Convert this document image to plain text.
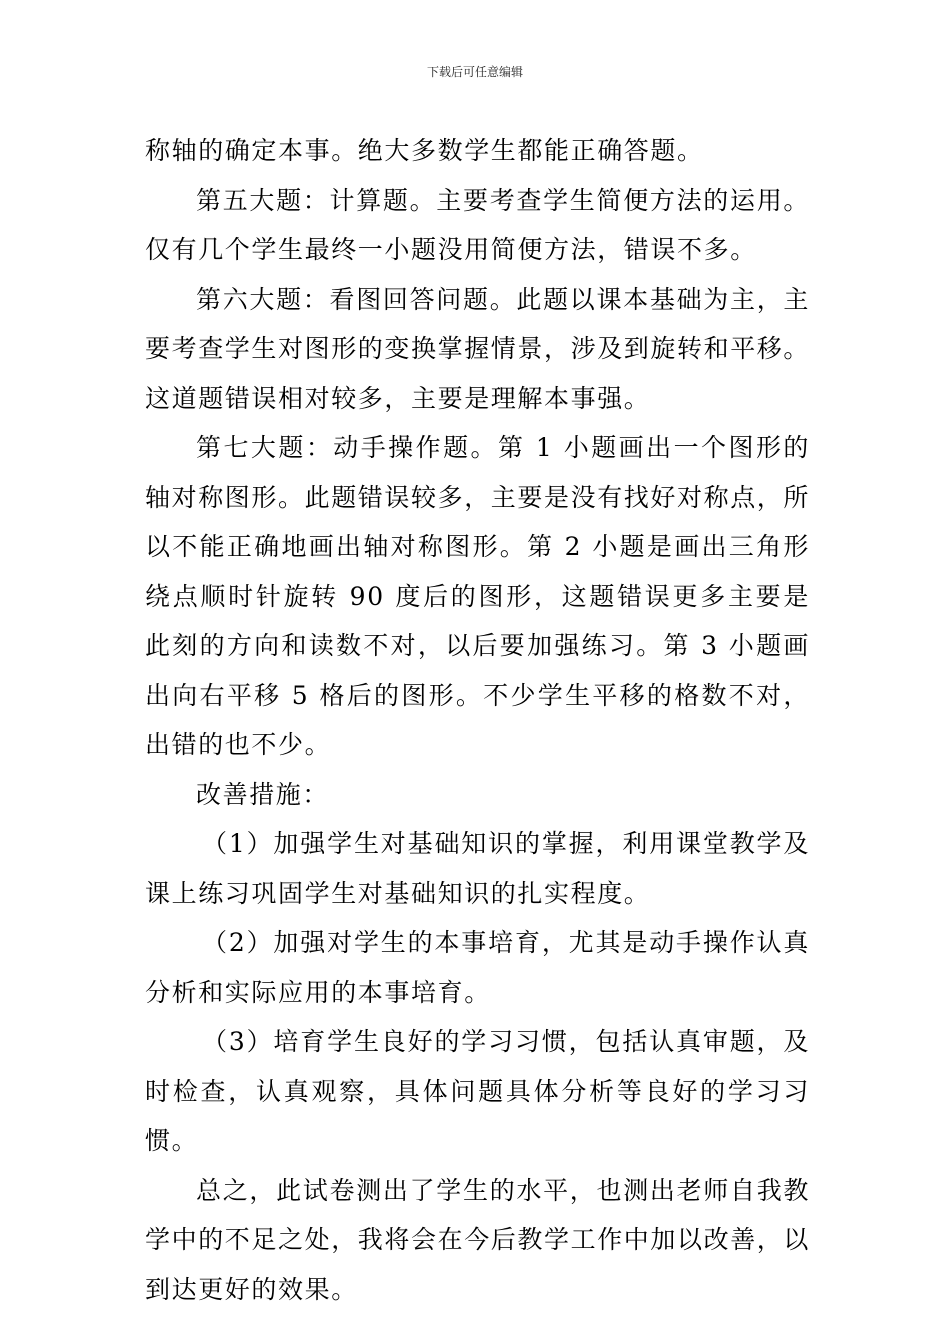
下载后可任意编辑

称轴的确定本事。绝大多数学生都能正确答题。

第五大题：计算题。主要考查学生简便方法的运用。仅有几个学生最终一小题没用简便方法，错误不多。

第六大题：看图回答问题。此题以课本基础为主，主要考查学生对图形的变换掌握情景，涉及到旋转和平移。这道题错误相对较多，主要是理解本事强。

第七大题：动手操作题。第 1 小题画出一个图形的轴对称图形。此题错误较多，主要是没有找好对称点，所以不能正确地画出轴对称图形。第 2 小题是画出三角形绕点顺时针旋转 90 度后的图形，这题错误更多主要是此刻的方向和读数不对，以后要加强练习。第 3 小题画出向右平移 5 格后的图形。不少学生平移的格数不对，出错的也不少。

改善措施：

（1）加强学生对基础知识的掌握，利用课堂教学及课上练习巩固学生对基础知识的扎实程度。

（2）加强对学生的本事培育，尤其是动手操作认真分析和实际应用的本事培育。

（3）培育学生良好的学习习惯，包括认真审题，及时检查，认真观察，具体问题具体分析等良好的学习习惯。

总之，此试卷测出了学生的水平，也测出老师自我教学中的不足之处，我将会在今后教学工作中加以改善，以到达更好的效果。
